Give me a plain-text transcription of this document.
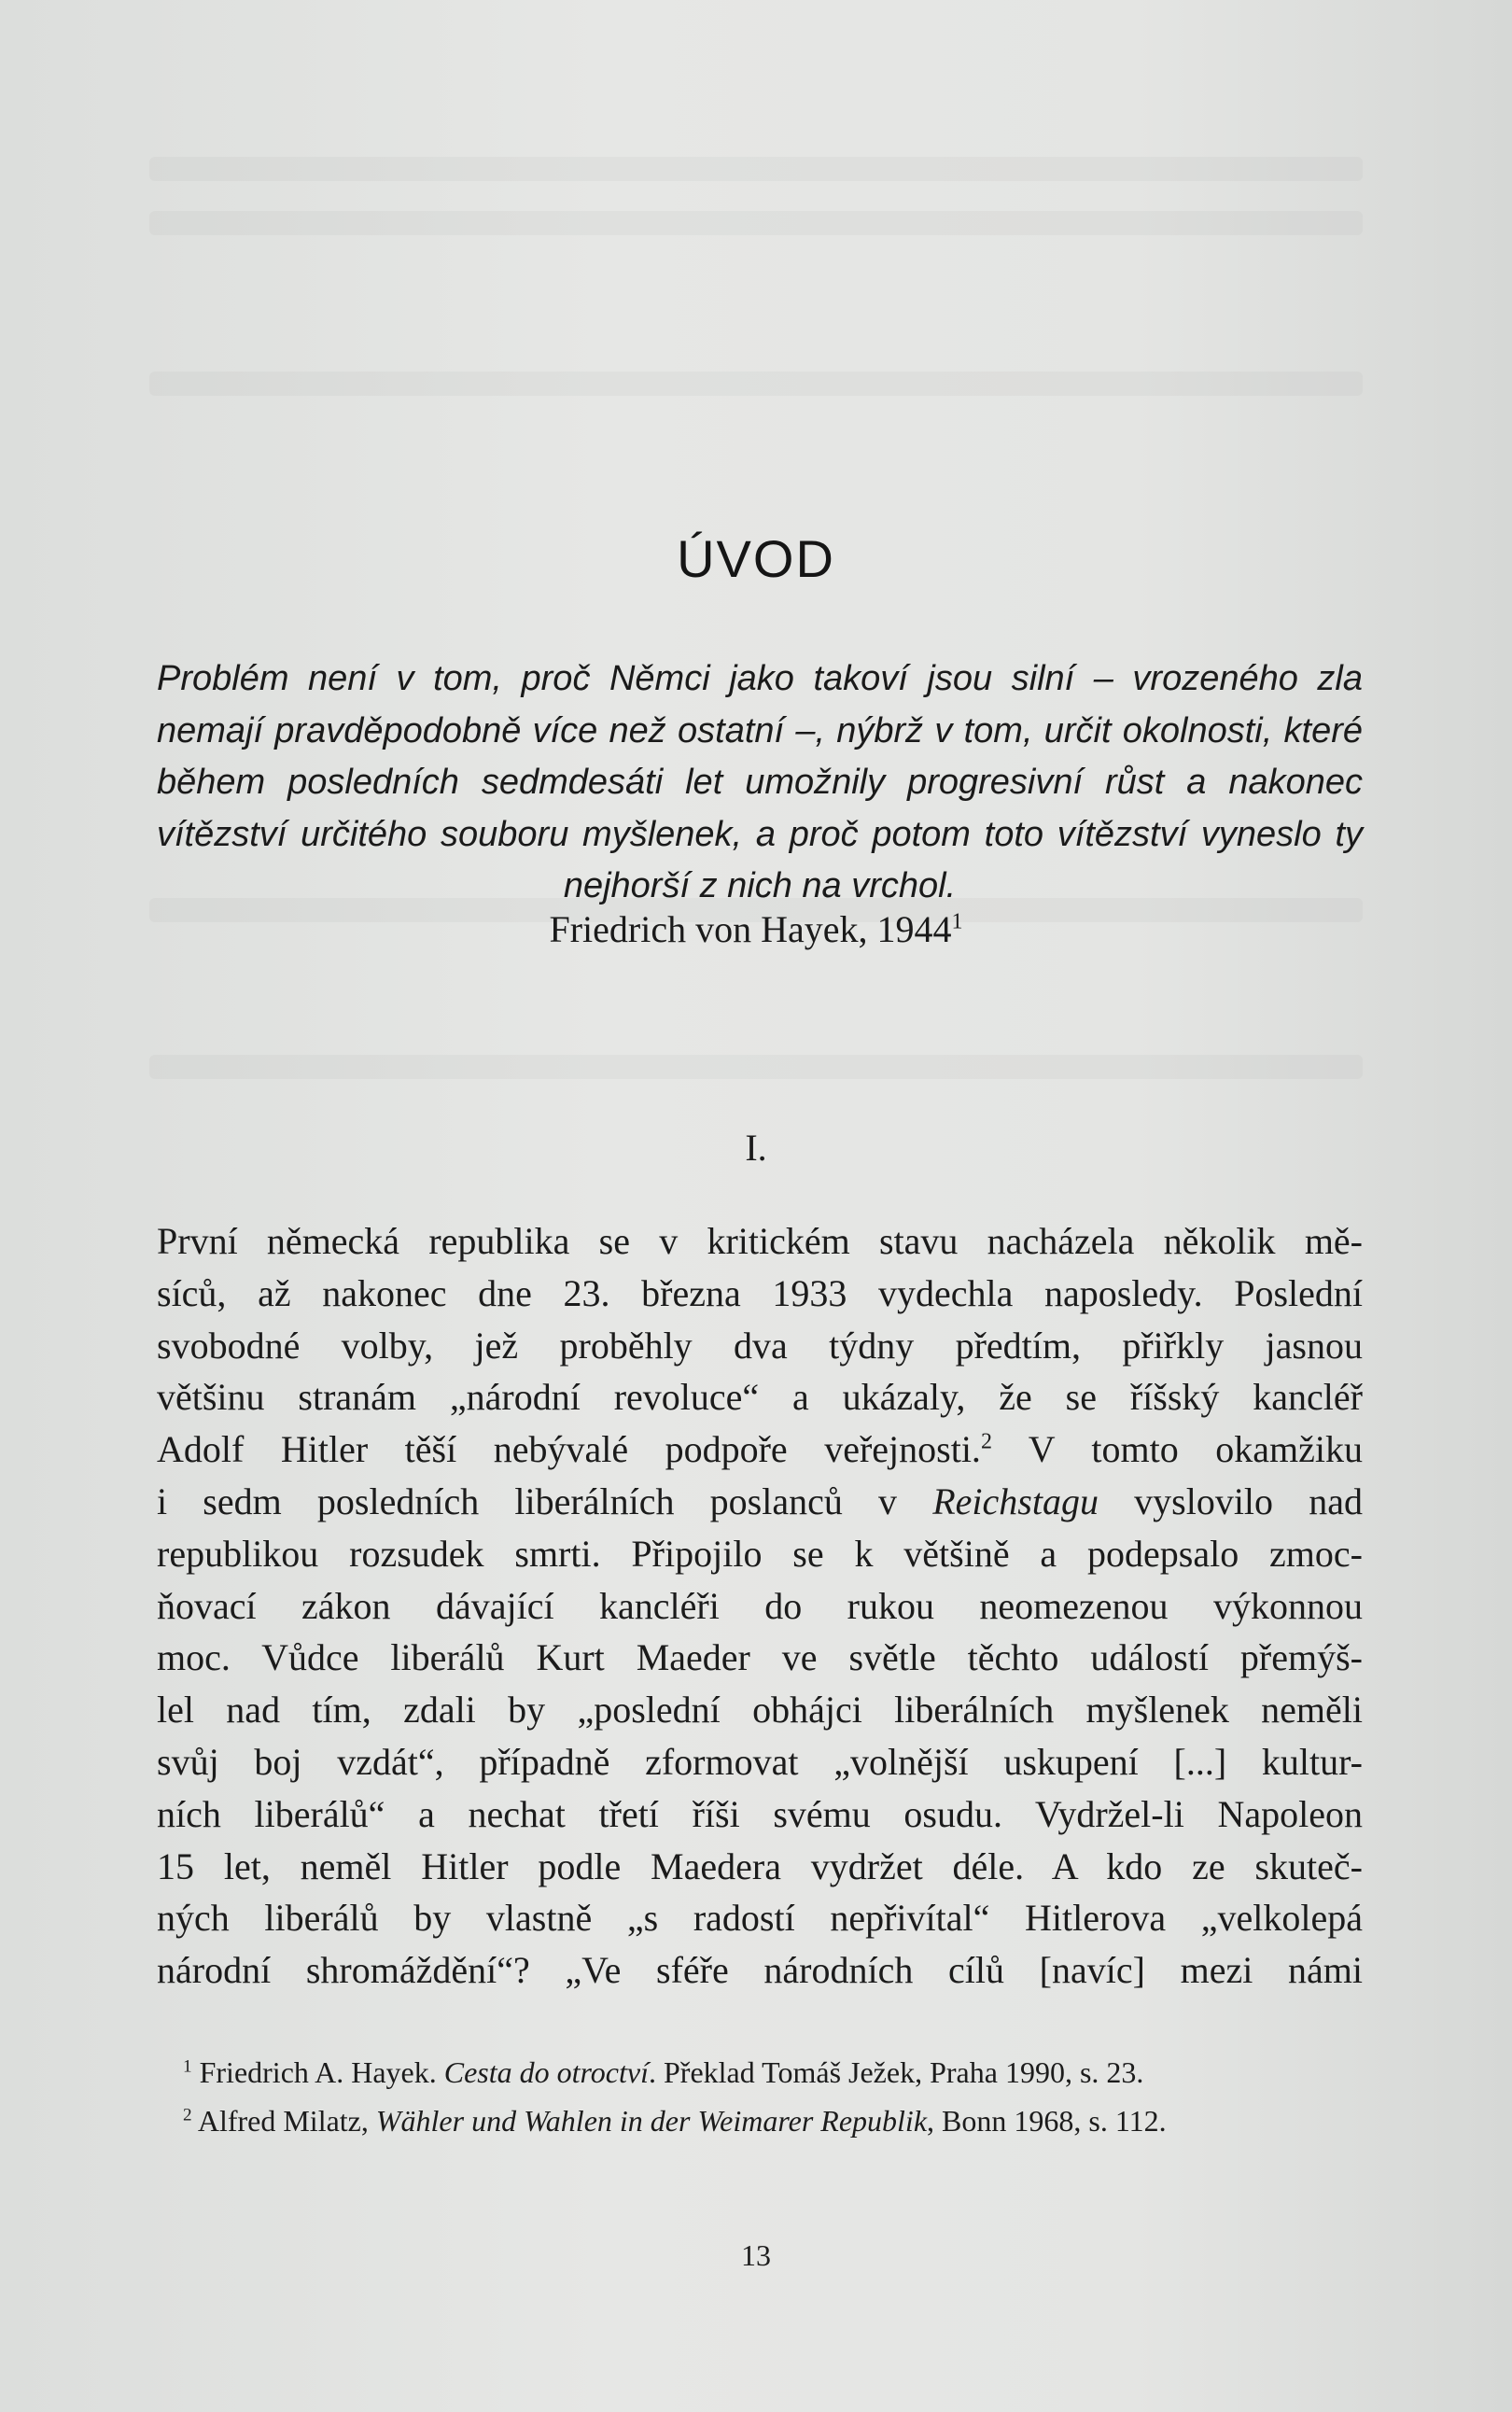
ÚVOD
Problém není v tom, proč Němci jako takoví jsou silní – vrozeného zla nemají pravděpodobně více než ostatní –, nýbrž v tom, určit okolnosti, které během posledních sedmdesáti let umožnily progresivní růst a nakonec vítězství určitého souboru myšlenek, a proč potom toto vítězství vyneslo ty nejhorší z nich na vrchol.
Friedrich von Hayek, 1944$^1$
I.
První německá republika se v kritickém stavu nacházela několik mě-
síců, až nakonec dne 23. března 1933 vydechla naposledy. Poslední
svobodné volby, jež proběhly dva týdny předtím, přiřkly jasnou
většinu stranám „národní revoluce“ a ukázaly, že se říšský kancléř
Adolf Hitler těší nebývalé podpoře veřejnosti.$^2$ V tomto okamžiku
i sedm posledních liberálních poslanců v Reichstagu vyslovilo nad
republikou rozsudek smrti. Připojilo se k většině a podepsalo zmoc-
ňovací zákon dávající kancléři do rukou neomezenou výkonnou
moc. Vůdce liberálů Kurt Maeder ve světle těchto událostí přemýš-
lel nad tím, zdali by „poslední obhájci liberálních myšlenek neměli
svůj boj vzdát“, případně zformovat „volnější uskupení [...] kultur-
ních liberálů“ a nechat třetí říši svému osudu. Vydržel-li Napoleon
15 let, neměl Hitler podle Maedera vydržet déle. A kdo ze skuteč-
ných liberálů by vlastně „s radostí nepřivítal“ Hitlerova „velkolepá
národní shromáždění“? „Ve sféře národních cílů [navíc] mezi námi
$^1$ Friedrich A. Hayek. Cesta do otroctví. Překlad Tomáš Ježek, Praha 1990, s. 23.
$^2$ Alfred Milatz, Wähler und Wahlen in der Weimarer Republik, Bonn 1968, s. 112.
13
